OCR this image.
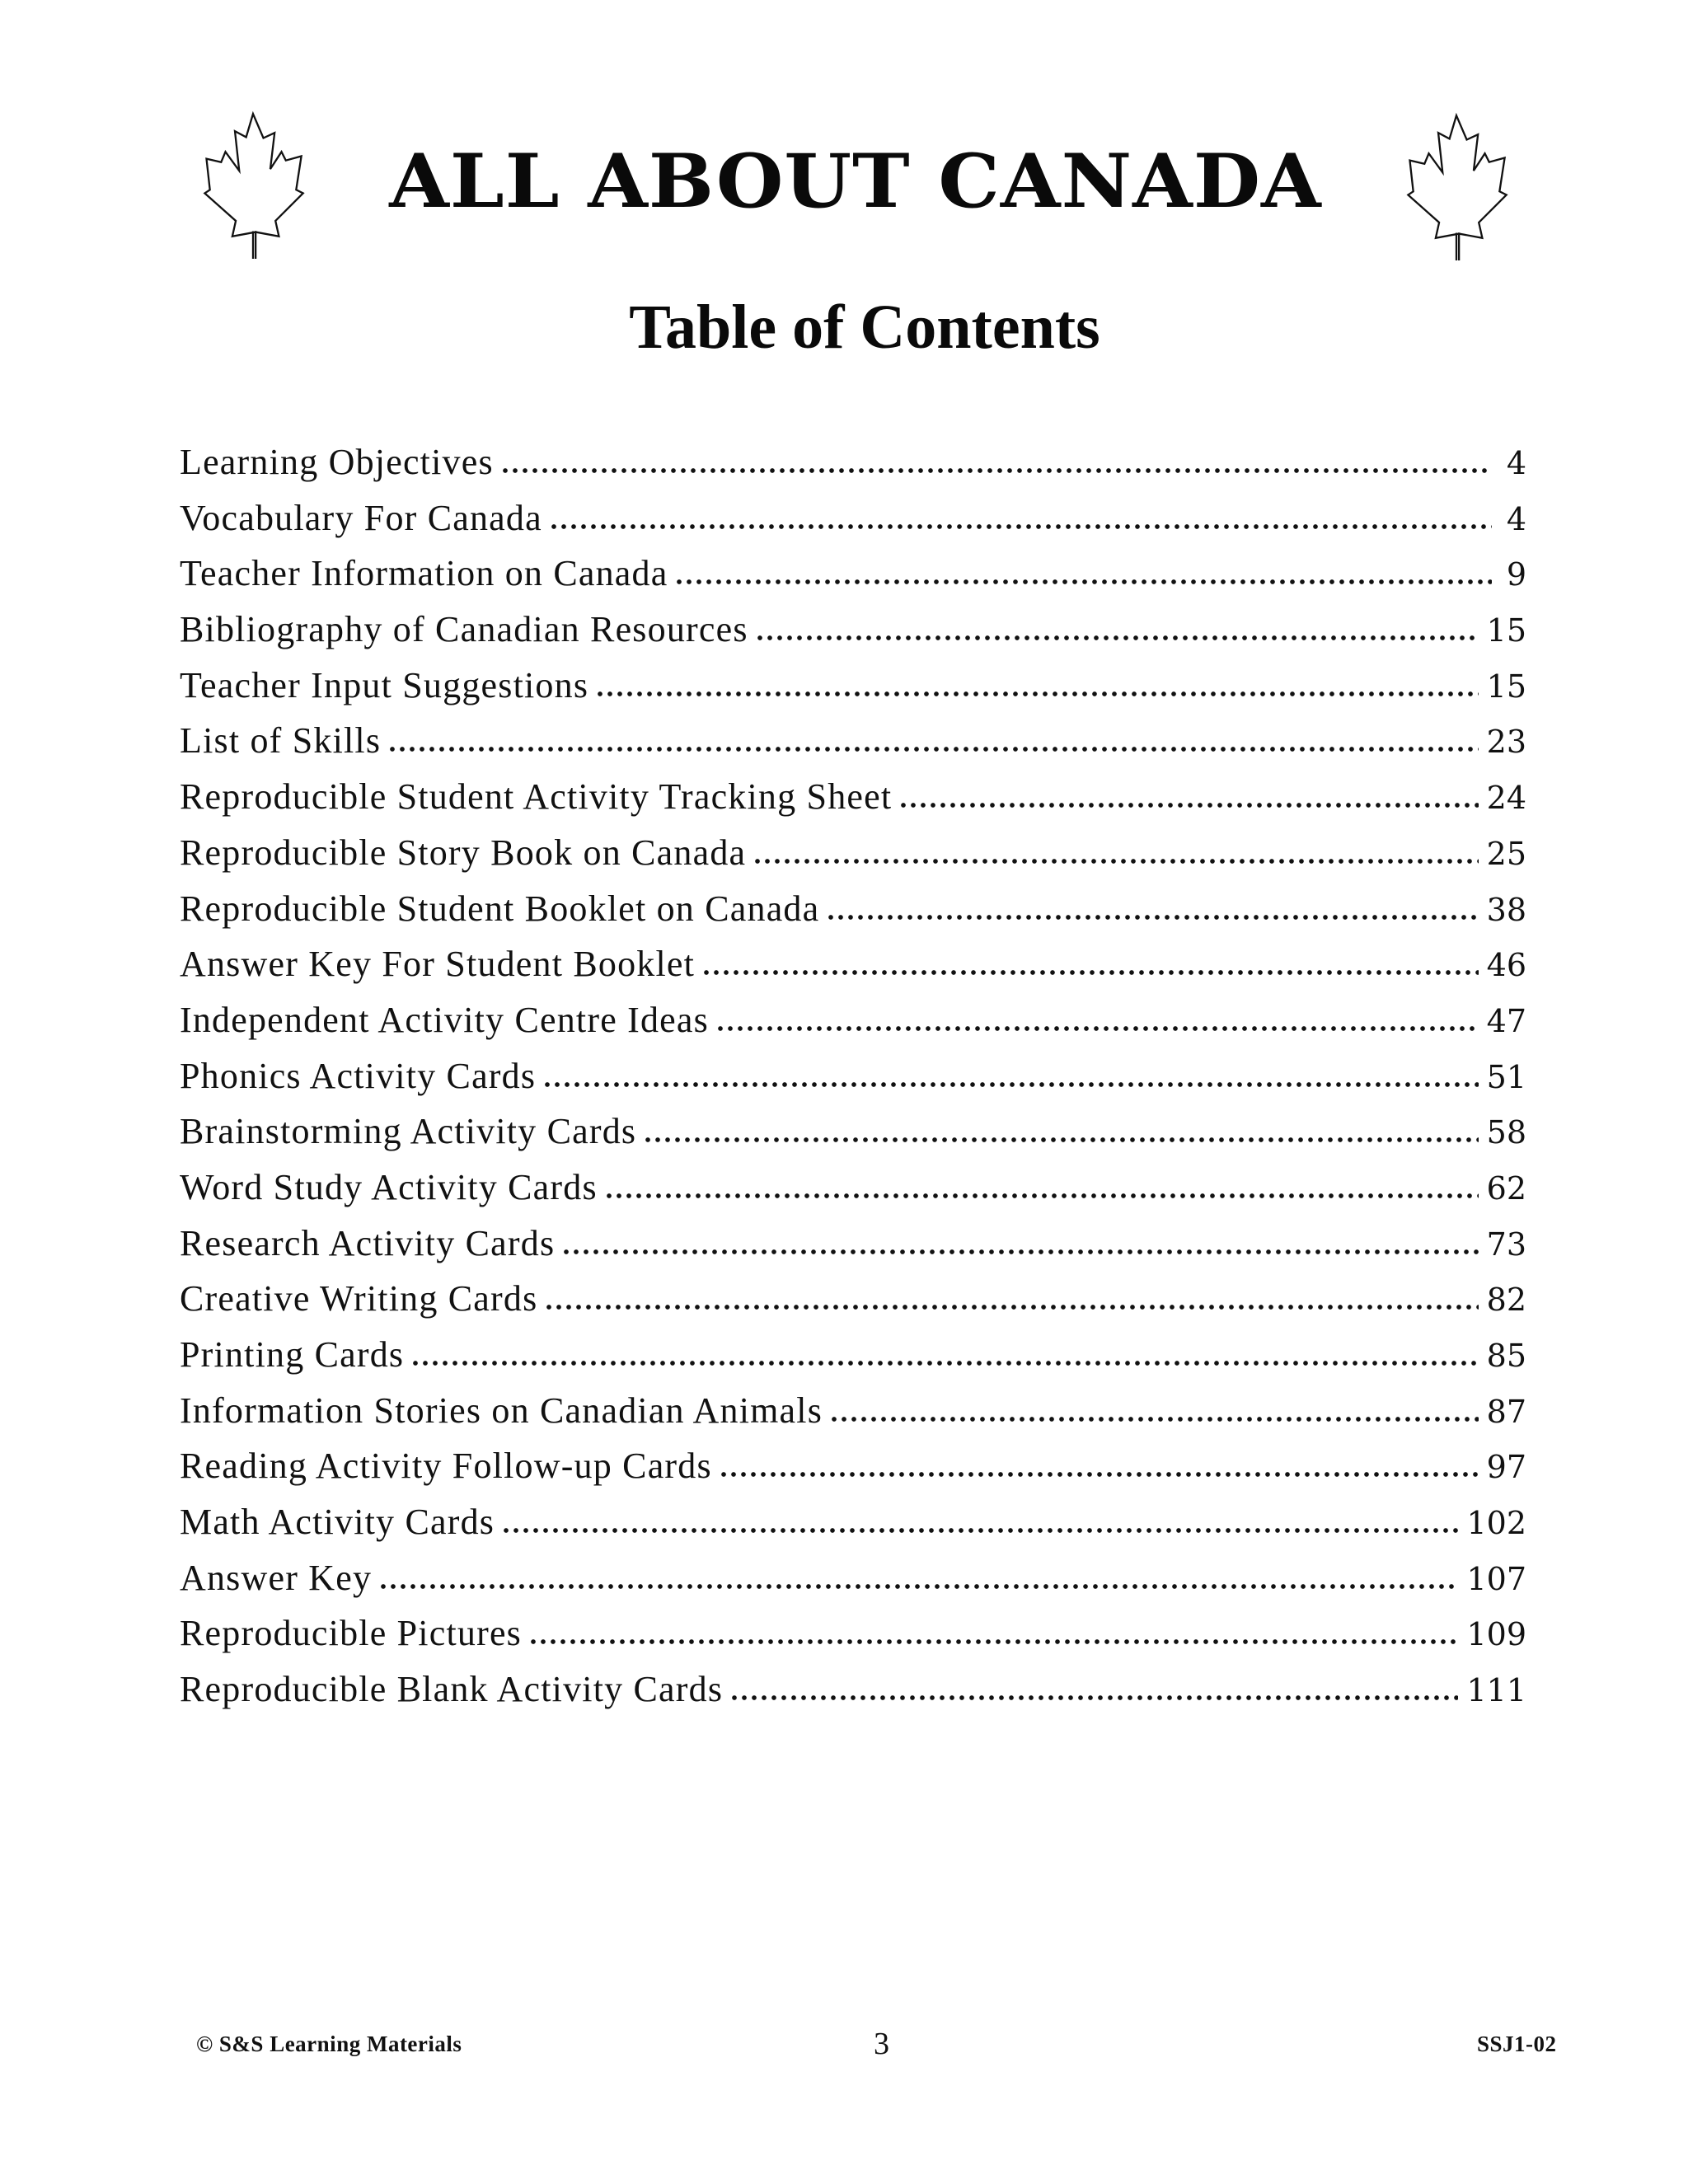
ALL ABOUT CANADA
Table of Contents
Learning Objectives	4
Vocabulary For Canada	4
Teacher Information on Canada	9
Bibliography of Canadian Resources	15
Teacher Input Suggestions	15
List of Skills	23
Reproducible Student Activity Tracking Sheet	24
Reproducible Story Book on Canada	25
Reproducible Student Booklet on Canada	38
Answer Key For Student Booklet	46
Independent Activity Centre Ideas	47
Phonics Activity Cards	51
Brainstorming Activity Cards	58
Word Study Activity Cards	62
Research Activity Cards	73
Creative Writing Cards	82
Printing Cards	85
Information Stories on Canadian Animals	87
Reading Activity Follow-up Cards	97
Math Activity Cards	102
Answer Key	107
Reproducible Pictures	109
Reproducible Blank Activity Cards	111
© S&S Learning Materials	3	SSJ1-02
